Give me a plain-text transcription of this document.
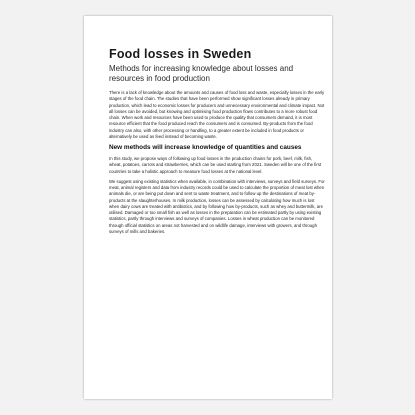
Food losses in Sweden
Methods for increasing knowledge about losses and resources in food production

There is a lack of knowledge about the amounts and causes of food loss and waste, especially losses in the early stages of the food chain. The studies that have been performed show significant losses already in primary production, which lead to economic losses for producers and unnecessary environmental and climate impact. Not all losses can be avoided, but knowing and optimising food production flows contributes to a more robust food chain. When work and resources have been used to produce the quality that consumers demand, it is most resource efficient that the food produced reach the consumers and is consumed. By-products from the food industry can also, with other processing or handling, to a greater extent be included in food products or alternatively be used as feed instead of becoming waste.

New methods will increase knowledge of quantities and causes

In this study, we propose ways of following up food losses in the production chains for pork, beef, milk, fish, wheat, potatoes, carrots and strawberries, which can be used starting from 2021. Sweden will be one of the first countries to take a holistic approach to measure food losses at the national level.

We suggest using existing statistics when available, in combination with interviews, surveys and field surveys. For meat, animal registers and data from industry records could be used to calculate the proportion of meat lost when animals die, or are being put down and sent to waste treatment, and to follow up the destinations of meat by-products at the slaughterhouses. In milk production, losses can be assessed by calculating how much is lost when dairy cows are treated with antibiotics, and by following how by-products, such as whey and buttermilk, are utilised. Damaged or too small fish as well as losses in the preparation can be estimated partly by using existing statistics, partly through interviews and surveys of companies. Losses in wheat production can be monitored through official statistics on areas not harvested and on wildlife damage, interviews with growers, and through surveys of mills and bakeries.
